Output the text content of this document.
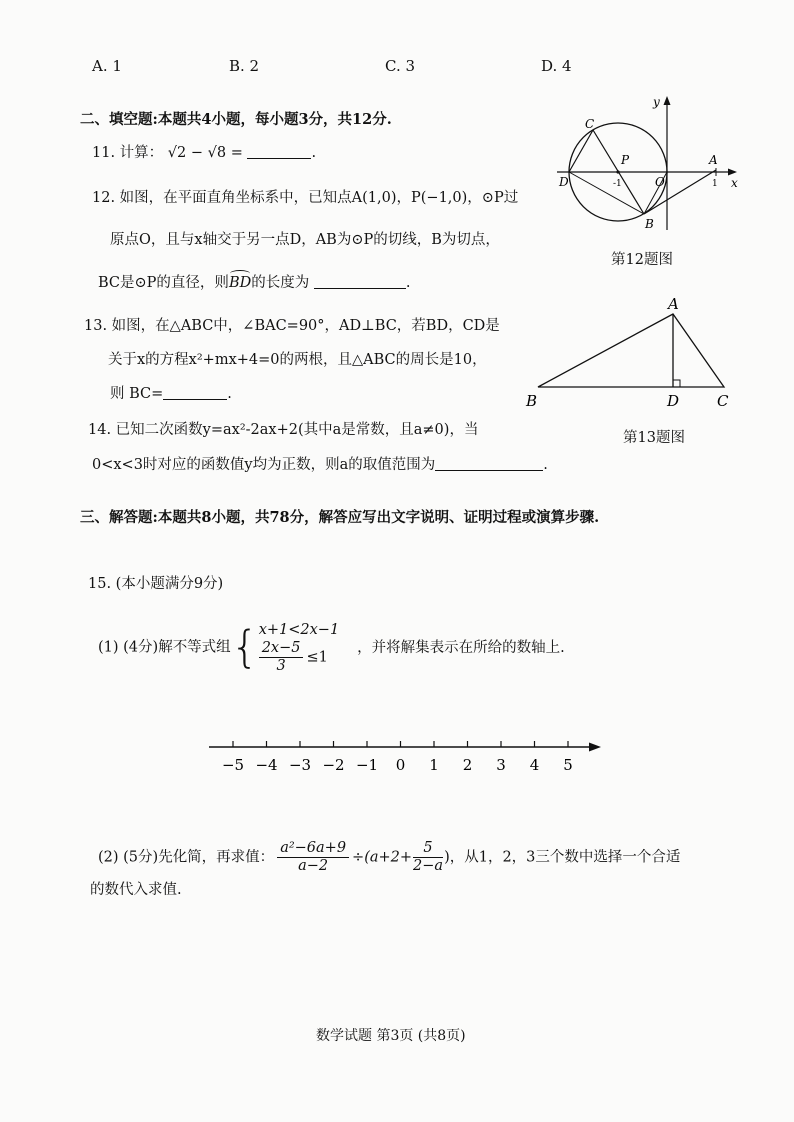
A. 1	B. 2	C. 3	D. 4
二、填空题:本题共4小题，每小题3分，共12分.
11. 计算： √2 − √8 =	.
12. 如图，在平面直角坐标系中，已知点A(1,0)，P(−1,0)，⊙P过
原点O，且与x轴交于另一点D，AB为⊙P的切线，B为切点，
BC是⊙P的直径，则
BD的长度为	.
y
x
C
P
D	-1	O
A
1
B
第12题图
13. 如图，在△ABC中，∠BAC=90°，AD⊥BC，若BD，CD是
关于x的方程x²+mx+4=0的两根，且△ABC的周长是10，
则 BC=	.
A
B	D	C
第13题图
14. 已知二次函数y=ax²-2ax+2(其中a是常数，且a≠0)，当
0<x<3时对应的函数值y均为正数，则a的取值范围为	.
三、解答题:本题共8小题，共78分，解答应写出文字说明、证明过程或演算步骤.
15. (本小题满分9分)
(1) (4分)解不等式组{ x+1<2x−1
$\frac{2x-5}{3} \le 1$
，并将解集表示在所给的数轴上.
−5 −4 −3 −2 −1 0 1 2 3 4 5
(2) (5分)先化简，再求值： $\frac{\text{a²−6a+9}}{a-2} \div(a+2+ \frac{5}{2-a}$ )，从1，2，3三个数中选择一个合适
的数代入求值.
数学试题 第3页 (共8页)
